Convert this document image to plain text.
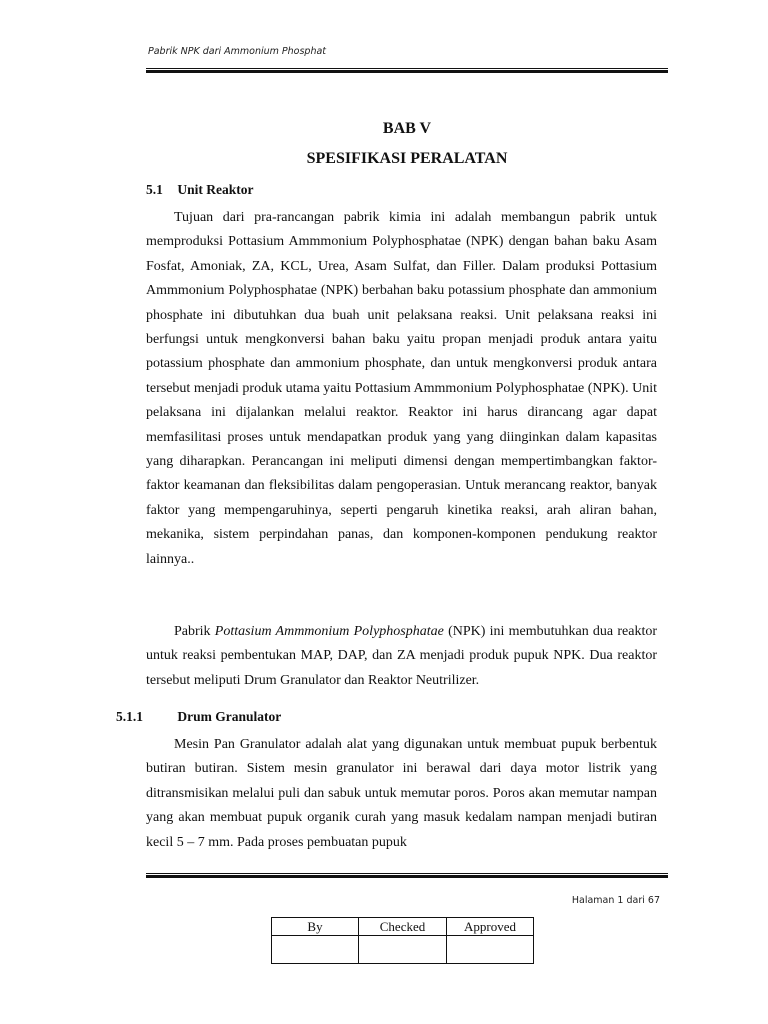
Pabrik NPK dari Ammonium Phosphat
BAB V
SPESIFIKASI PERALATAN
5.1 Unit Reaktor

Tujuan dari pra-rancangan pabrik kimia ini adalah membangun pabrik untuk memproduksi Pottasium Ammmonium Polyphosphatae (NPK) dengan bahan baku Asam Fosfat, Amoniak, ZA, KCL, Urea, Asam Sulfat, dan Filler. Dalam produksi Pottasium Ammmonium Polyphosphatae (NPK) berbahan baku potassium phosphate dan ammonium phosphate ini dibutuhkan dua buah unit pelaksana reaksi. Unit pelaksana reaksi ini berfungsi untuk mengkonversi bahan baku yaitu propan menjadi produk antara yaitu potassium phosphate dan ammonium phosphate, dan untuk mengkonversi produk antara tersebut menjadi produk utama yaitu Pottasium Ammmonium Polyphosphatae (NPK). Unit pelaksana ini dijalankan melalui reaktor. Reaktor ini harus dirancang agar dapat memfasilitasi proses untuk mendapatkan produk yang yang diinginkan dalam kapasitas yang diharapkan. Perancangan ini meliputi dimensi dengan mempertimbangkan faktor-faktor keamanan dan fleksibilitas dalam pengoperasian. Untuk merancang reaktor, banyak faktor yang mempengaruhinya, seperti pengaruh kinetika reaksi, arah aliran bahan, mekanika, sistem perpindahan panas, dan komponen-komponen pendukung reaktor lainnya..

Pabrik Pottasium Ammmonium Polyphosphatae (NPK) ini membutuhkan dua reaktor untuk reaksi pembentukan MAP, DAP, dan ZA menjadi produk pupuk NPK. Dua reaktor tersebut meliputi Drum Granulator dan Reaktor Neutrilizer.

5.1.1	Drum Granulator

Mesin Pan Granulator adalah alat yang digunakan untuk membuat pupuk berbentuk butiran butiran. Sistem mesin granulator ini berawal dari daya motor listrik yang ditransmisikan melalui puli dan sabuk untuk memutar poros. Poros akan memutar nampan yang akan membuat pupuk organik curah yang masuk kedalam nampan menjadi butiran kecil 5 – 7 mm. Pada proses pembuatan pupuk

Halaman 1 dari 67
By	Checked	Approved
